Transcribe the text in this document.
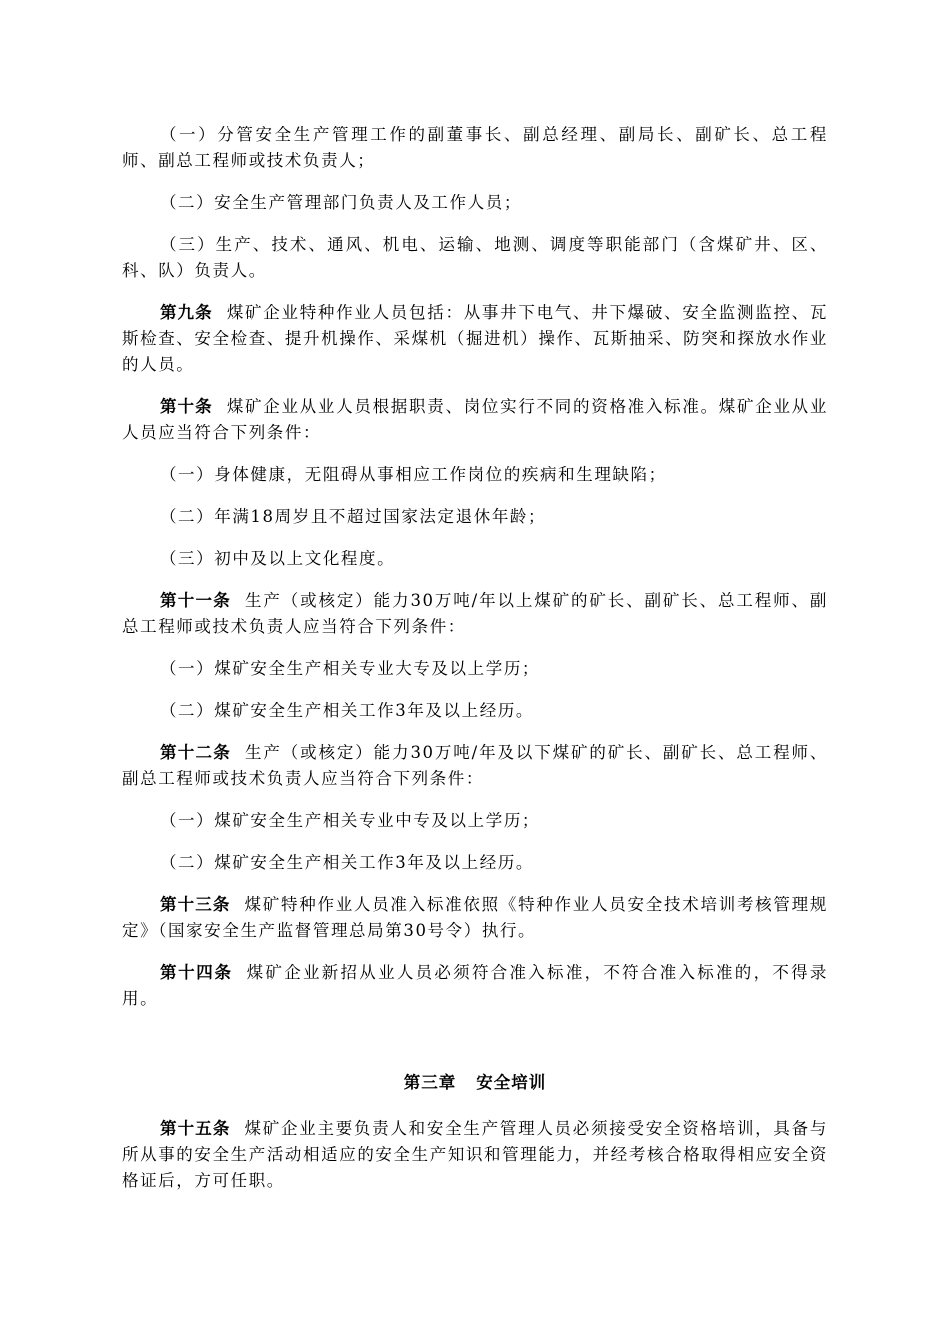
（一）分管安全生产管理工作的副董事长、副总经理、副局长、副矿长、总工程师、副总工程师或技术负责人；

（二）安全生产管理部门负责人及工作人员；

（三）生产、技术、通风、机电、运输、地测、调度等职能部门（含煤矿井、区、科、队）负责人。

第九条 煤矿企业特种作业人员包括：从事井下电气、井下爆破、安全监测监控、瓦斯检查、安全检查、提升机操作、采煤机（掘进机）操作、瓦斯抽采、防突和探放水作业的人员。

第十条 煤矿企业从业人员根据职责、岗位实行不同的资格准入标准。煤矿企业从业人员应当符合下列条件：

（一）身体健康，无阻碍从事相应工作岗位的疾病和生理缺陷；

（二）年满18周岁且不超过国家法定退休年龄；

（三）初中及以上文化程度。

第十一条 生产（或核定）能力30万吨/年以上煤矿的矿长、副矿长、总工程师、副总工程师或技术负责人应当符合下列条件：

（一）煤矿安全生产相关专业大专及以上学历；

（二）煤矿安全生产相关工作3年及以上经历。

第十二条 生产（或核定）能力30万吨/年及以下煤矿的矿长、副矿长、总工程师、副总工程师或技术负责人应当符合下列条件：

（一）煤矿安全生产相关专业中专及以上学历；

（二）煤矿安全生产相关工作3年及以上经历。

第十三条 煤矿特种作业人员准入标准依照《特种作业人员安全技术培训考核管理规定》（国家安全生产监督管理总局第30号令）执行。

第十四条 煤矿企业新招从业人员必须符合准入标准，不符合准入标准的，不得录用。

第三章 安全培训

第十五条 煤矿企业主要负责人和安全生产管理人员必须接受安全资格培训，具备与所从事的安全生产活动相适应的安全生产知识和管理能力，并经考核合格取得相应安全资格证后，方可任职。
